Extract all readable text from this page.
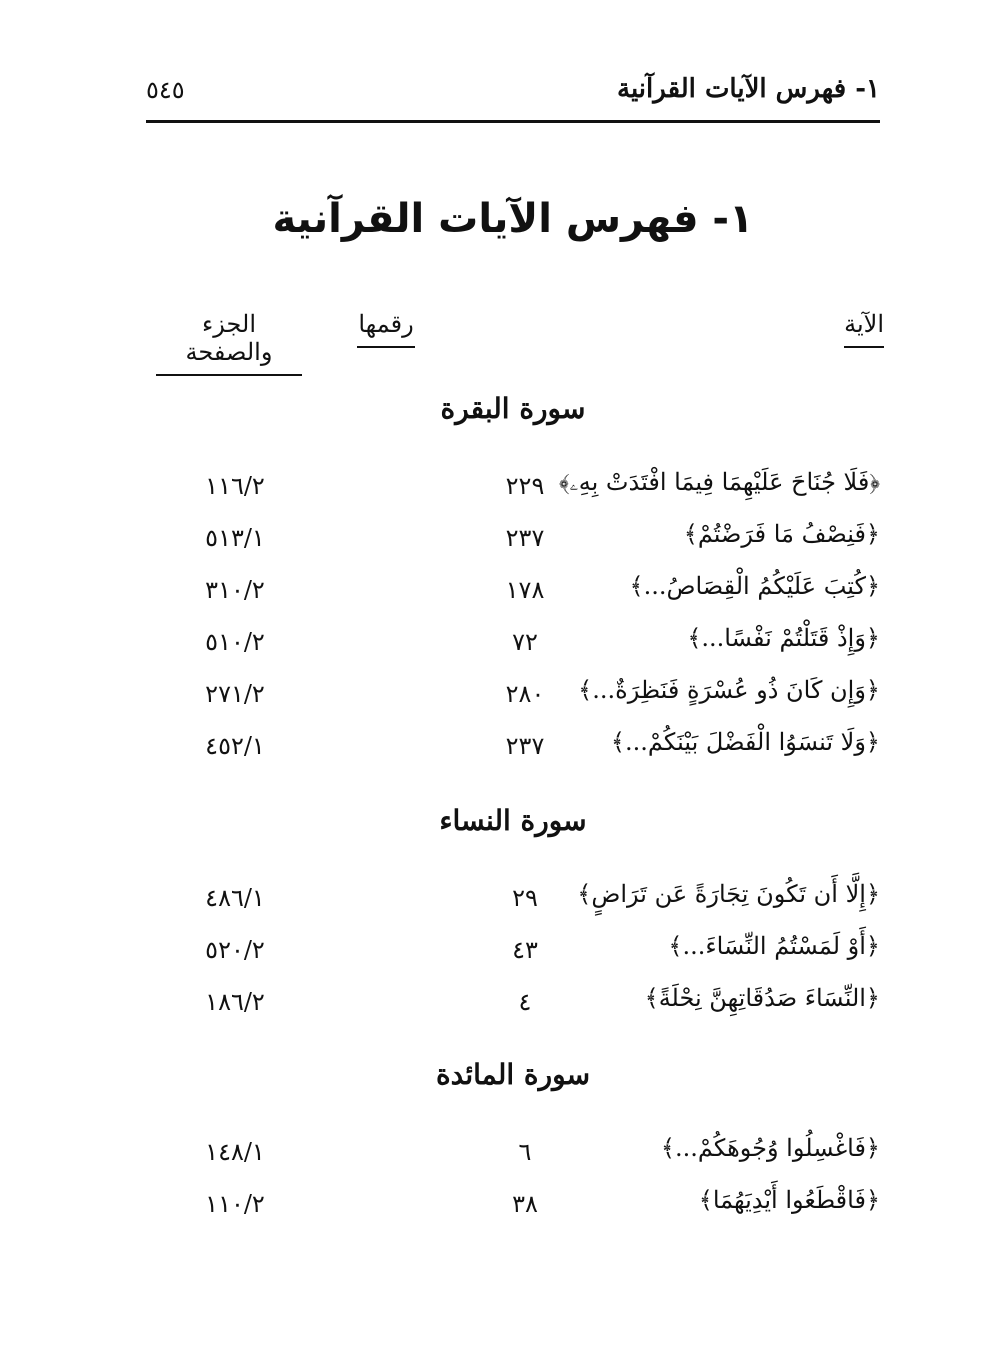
١- فهرس الآيات القرآنية
٥٤٥
١- فهرس الآيات القرآنية
الآية
رقمها
الجزء والصفحة
سورة البقرة
﴿فَلَا جُنَاحَ عَلَيْهِمَا فِيمَا افْتَدَتْ بِهِۦ﴾
٢٢٩
١١٦/٢
﴿فَنِصْفُ مَا فَرَضْتُمْ﴾
٢٣٧
٥١٣/١
﴿كُتِبَ عَلَيْكُمُ الْقِصَاصُ...﴾
١٧٨
٣١٠/٢
﴿وَإِذْ قَتَلْتُمْ نَفْسًا...﴾
٧٢
٥١٠/٢
﴿وَإِن كَانَ ذُو عُسْرَةٍ فَنَظِرَةٌ...﴾
٢٨٠
٢٧١/٢
﴿وَلَا تَنسَوُا الْفَضْلَ بَيْنَكُمْ...﴾
٢٣٧
٤٥٢/١
سورة النساء
﴿إِلَّا أَن تَكُونَ تِجَارَةً عَن تَرَاضٍ﴾
٢٩
٤٨٦/١
﴿أَوْ لَمَسْتُمُ النِّسَاءَ...﴾
٤٣
٥٢٠/٢
﴿النِّسَاءَ صَدُقَاتِهِنَّ نِحْلَةً﴾
٤
١٨٦/٢
سورة المائدة
﴿فَاغْسِلُوا وُجُوهَكُمْ...﴾
٦
١٤٨/١
﴿فَاقْطَعُوا أَيْدِيَهُمَا﴾
٣٨
١١٠/٢
